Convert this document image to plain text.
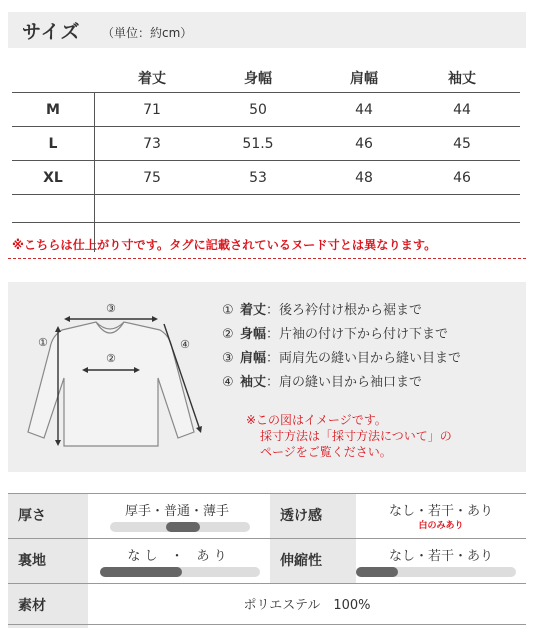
サイズ （単位：約cm）
着丈	身幅	肩幅	袖丈
M	71	50	44	44
L	73	51.5	46	45
XL	75	53	48	46
※こちらは仕上がり寸です。タグに記載されているヌード寸とは異なります。
③
②
①	④
① 着丈：後ろ衿付け根から裾まで
② 身幅：片袖の付け下から付け下まで
③ 肩幅：両肩先の縫い目から縫い目まで
④ 袖丈：肩の縫い目から袖口まで
※この図はイメージです。
採寸方法は「採寸方法について」の
ページをご覧ください。
厚さ	厚手・普通・薄手	透け感	なし・若干・あり
白のみあり
裏地	な し　・　あ り	伸縮性	なし・若干・あり
素材	ポリエステル　100%
